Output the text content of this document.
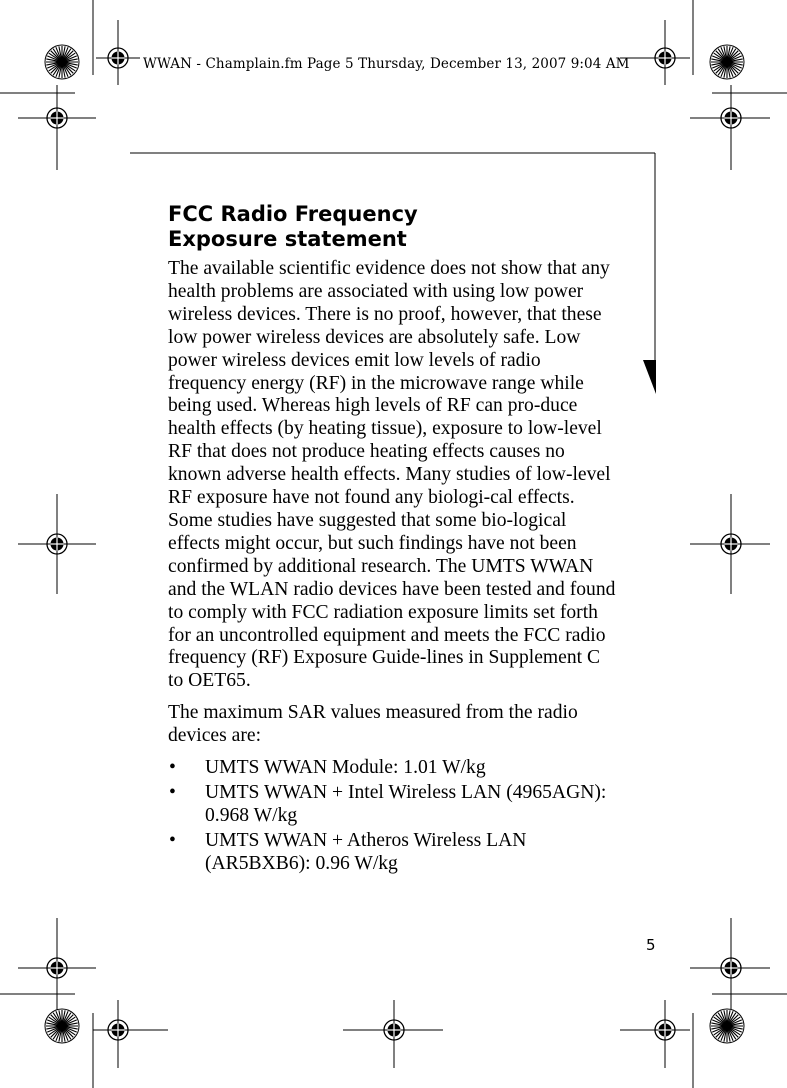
WWAN - Champlain.fm Page 5 Thursday, December 13, 2007 9:04 AM
FCC Radio Frequency
Exposure statement

The available scientific evidence does not show that any health problems are associated with using low power wireless devices. There is no proof, however, that these low power wireless devices are absolutely safe. Low power wireless devices emit low levels of radio frequency energy (RF) in the microwave range while being used. Whereas high levels of RF can pro-duce health effects (by heating tissue), exposure to low-level RF that does not produce heating effects causes no known adverse health effects. Many studies of low-level RF exposure have not found any biologi-cal effects. Some studies have suggested that some bio-logical effects might occur, but such findings have not been confirmed by additional research. The UMTS WWAN and the WLAN radio devices have been tested and found to comply with FCC radiation exposure limits set forth for an uncontrolled equipment and meets the FCC radio frequency (RF) Exposure Guide-lines in Supplement C to OET65.

The maximum SAR values measured from the radio devices are:

• UMTS WWAN Module: 1.01 W/kg
• UMTS WWAN + Intel Wireless LAN (4965AGN): 0.968 W/kg
• UMTS WWAN + Atheros Wireless LAN (AR5BXB6): 0.96 W/kg
5
